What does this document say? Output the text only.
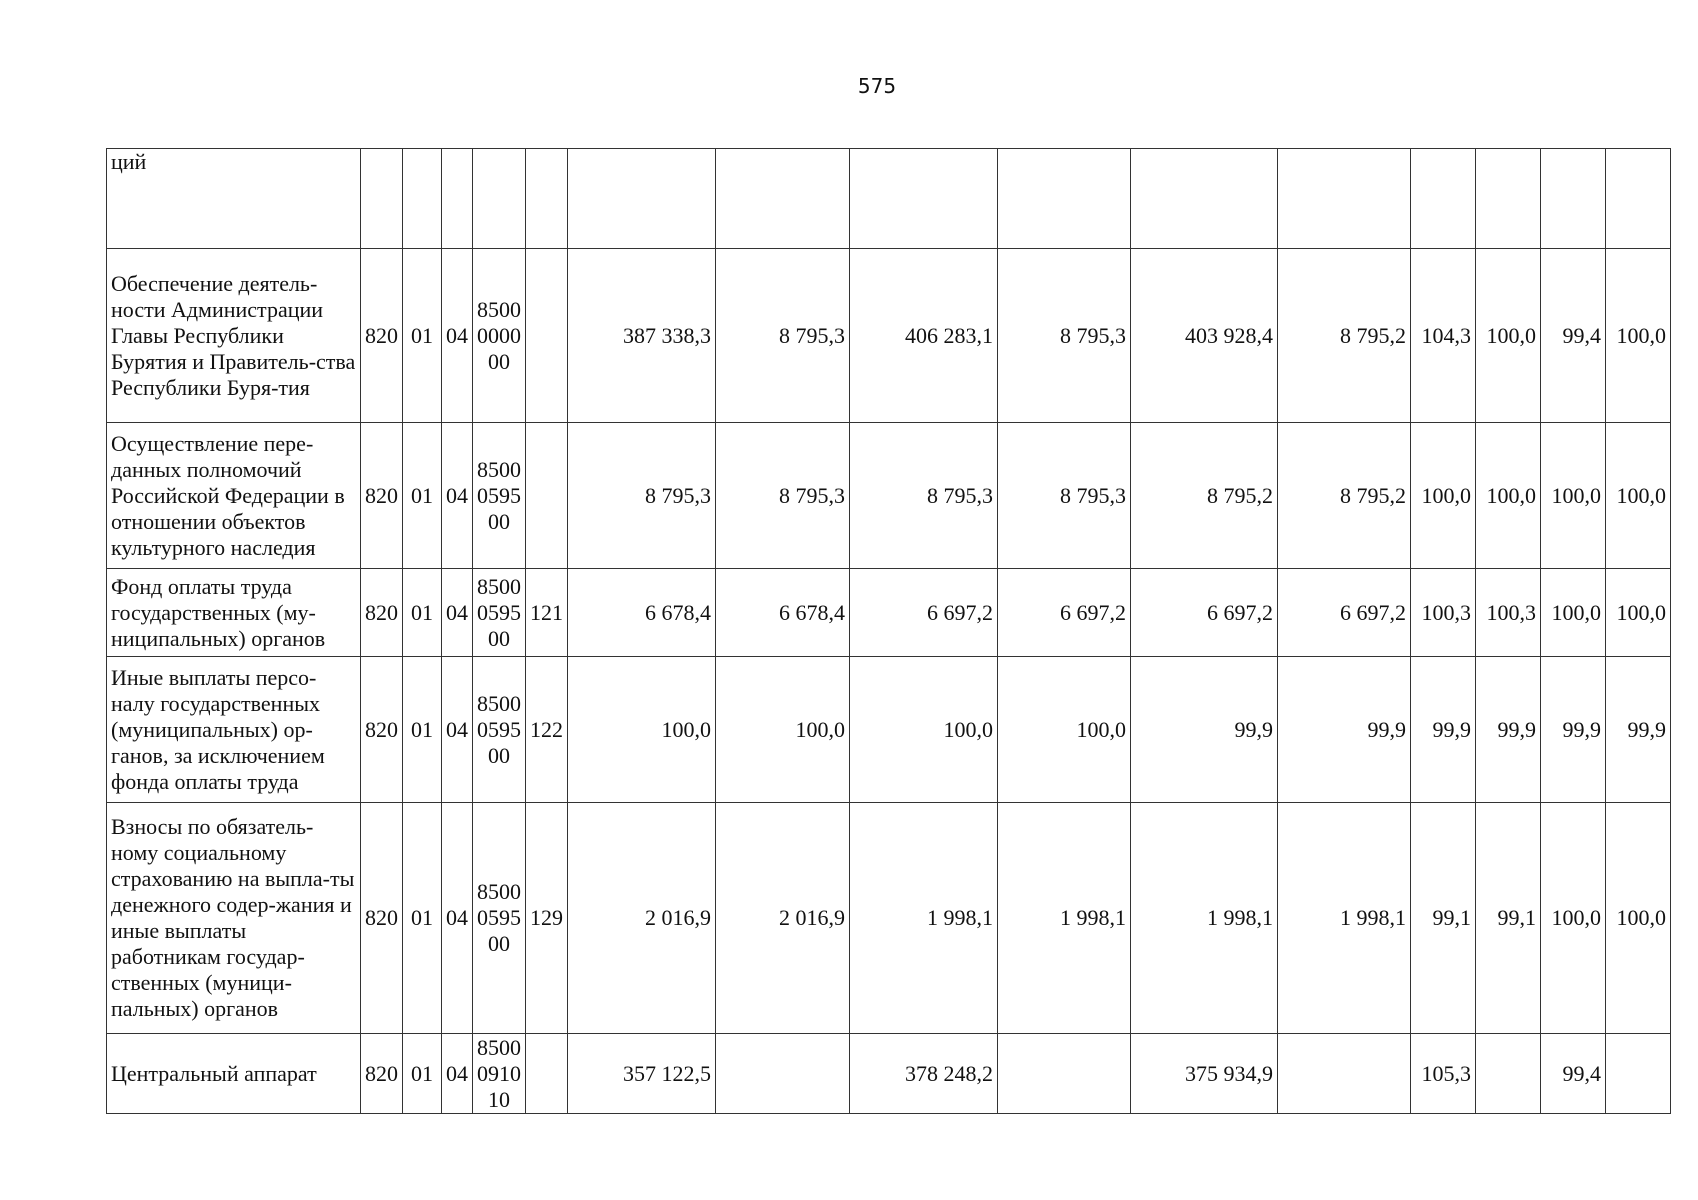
575
ций															
Обеспечение деятель-ности Администрации Главы Республики Бурятия и Правитель-ства Республики Буря-тия	820	01	04	8500 0000 00		387 338,3	8 795,3	406 283,1	8 795,3	403 928,4	8 795,2	104,3	100,0	99,4	100,0
Осуществление пере-данных полномочий Российской Федерации в отношении объектов культурного наследия	820	01	04	8500 0595 00		8 795,3	8 795,3	8 795,3	8 795,3	8 795,2	8 795,2	100,0	100,0	100,0	100,0
Фонд оплаты труда государственных (му-ниципальных) органов	820	01	04	8500 0595 00	121	6 678,4	6 678,4	6 697,2	6 697,2	6 697,2	6 697,2	100,3	100,3	100,0	100,0
Иные выплаты персо-налу государственных (муниципальных) ор-ганов, за исключением фонда оплаты труда	820	01	04	8500 0595 00	122	100,0	100,0	100,0	100,0	99,9	99,9	99,9	99,9	99,9	99,9
Взносы по обязатель-ному социальному страхованию на выпла-ты денежного содер-жания и иные выплаты работникам государ-ственных (муници-пальных) органов	820	01	04	8500 0595 00	129	2 016,9	2 016,9	1 998,1	1 998,1	1 998,1	1 998,1	99,1	99,1	100,0	100,0
Центральный аппарат	820	01	04	8500 0910 10		357 122,5		378 248,2		375 934,9		105,3		99,4	
